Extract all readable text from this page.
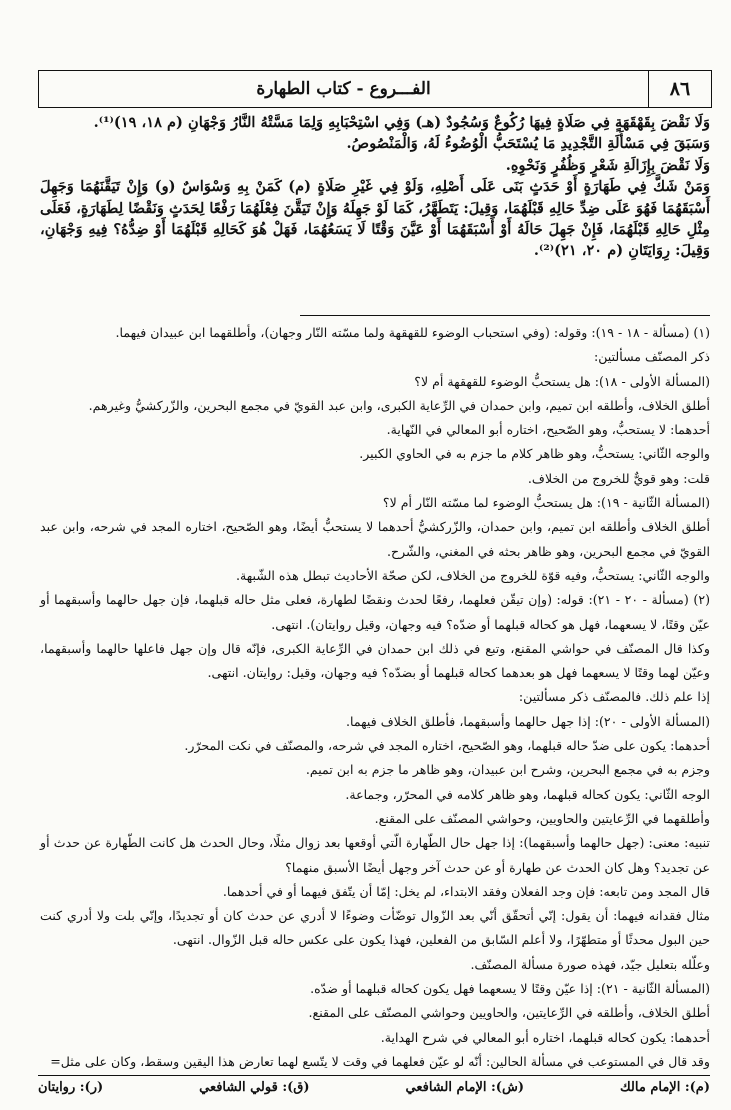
٨٦
الفـــروع - كتاب الطهارة

وَلَا نَقْضَ بِقَهْقَهَةٍ فِي صَلَاةٍ فِيهَا رُكُوعٌ وَسُجُودٌ (هـ) وَفِي اسْتِحْبَابِهِ وَلِمَا مَسَّتْهُ النَّارُ وَجْهَانِ (م ١٨، ١٩)⁽¹⁾.

وَسَبَقَ فِي مَسْأَلَةِ التَّجْدِيدِ مَا يُسْتَحَبُّ الْوُضُوءُ لَهُ، وَالْمَنْصُوصُ.

وَلَا نَقْضَ بِإِزَالَةِ شَعْرٍ وَظُفُرٍ وَنَحْوِهِ.

وَمَنْ شَكَّ فِي طَهَارَةٍ أَوْ حَدَثٍ بَنَى عَلَى أَصْلِهِ، وَلَوْ فِي غَيْرِ صَلَاةٍ (م) كَمَنْ بِهِ وَسْوَاسٌ (و) وَإِنْ تَيَقَّنَهُمَا وَجَهِلَ أَسْبَقَهُمَا فَهُوَ عَلَى ضِدِّ حَالِهِ قَبْلَهُمَا، وَقِيلَ: يَتَطَهَّرُ، كَمَا لَوْ جَهِلَهُ وَإِنْ تَيَقَّنَ فِعْلَهُمَا رَفْعًا لِحَدَثٍ وَنَقْضًا لِطَهَارَةٍ، فَعَلَى مِثْلِ حَالِهِ قَبْلَهُمَا، فَإِنْ جَهِلَ حَالَهُ أَوْ أَسْبَقَهُمَا أَوْ عَيَّنَ وَقْتًا لَا يَسَعُهُمَا، فَهَلْ هُوَ كَحَالِهِ قَبْلَهُمَا أَوْ ضِدُّهُ؟ فِيهِ وَجْهَانِ، وَقِيلَ: رِوَايَتَانِ (م ٢٠، ٢١)⁽²⁾.

(١) (مسألة - ١٨ - ١٩): وقوله: (وفي استحباب الوضوء للقهقهة ولما مسّته النّار وجهان)، وأطلقهما ابن عبيدان فيهما.

ذكر المصنّف مسألتين:

(المسألة الأولى - ١٨): هل يستحبُّ الوضوء للقهقهة أم لا؟

أطلق الخلاف، وأطلقه ابن تميم، وابن حمدان في الرِّعاية الكبرى، وابن عبد القويّ في مجمع البحرين، والزّركشيُّ وغيرهم.

أحدهما: لا يستحبُّ، وهو الصّحيح، اختاره أبو المعالي في النّهاية.

والوجه الثّاني: يستحبُّ، وهو ظاهر كلام ما جزم به في الحاوي الكبير.

قلت: وهو قويٌّ للخروج من الخلاف.

(المسألة الثّانية - ١٩): هل يستحبُّ الوضوء لما مسّته النّار أم لا؟

أطلق الخلاف وأطلقه ابن تميم، وابن حمدان، والزّركشيُّ أحدهما لا يستحبُّ أيضًا، وهو الصّحيح، اختاره المجد في شرحه، وابن عبد القويّ في مجمع البحرين، وهو ظاهر بحثه في المغني، والشّرح.

والوجه الثّاني: يستحبُّ، وفيه قوّة للخروج من الخلاف، لكن صحّة الأحاديث تبطل هذه الشّبهة.

(٢) (مسألة - ٢٠ - ٢١): قوله: (وإن تيقّن فعلهما، رفعًا لحدث ونقضًا لطهارة، فعلى مثل حاله قبلهما، فإن جهل حالهما وأسبقهما أو عيّن وقتًا، لا يسعهما، فهل هو كحاله قبلهما أو ضدّه؟ فيه وجهان، وقيل روايتان). انتهى.

وكذا قال المصنّف في حواشي المقنع، وتبع في ذلك ابن حمدان في الرِّعاية الكبرى، فإنّه قال وإن جهل فاعلها حالهما وأسبقهما، وعيّن لهما وقتًا لا يسعهما فهل هو بعدهما كحاله قبلهما أو بضدّه؟ فيه وجهان، وقيل: روايتان. انتهى.

إذا علم ذلك. فالمصنّف ذكر مسألتين:

(المسألة الأولى - ٢٠): إذا جهل حالهما وأسبقهما، فأطلق الخلاف فيهما.

أحدهما: يكون على ضدّ حاله قبلهما، وهو الصّحيح، اختاره المجد في شرحه، والمصنّف في نكت المحرّر.

وجزم به في مجمع البحرين، وشرح ابن عبيدان، وهو ظاهر ما جزم به ابن تميم.

الوجه الثّاني: يكون كحاله قبلهما، وهو ظاهر كلامه في المحرّر، وجماعة.

وأطلقهما في الرِّعايتين والحاويين، وحواشي المصنّف على المقنع.

تنبيه: معنى: (جهل حالهما وأسبقهما): إذا جهل حال الطّهارة الّتي أوقعها بعد زوال مثلًا، وحال الحدث هل كانت الطّهارة عن حدث أو عن تجديد؟ وهل كان الحدث عن طهارة أو عن حدث آخر وجهل أيضًا الأسبق منهما؟

قال المجد ومن تابعه: فإن وجد الفعلان وفقد الابتداء، لم يخل: إمّا أن يتّفق فيهما أو في أحدهما.

مثال فقدانه فيهما: أن يقول: إنّي أتحقّق أنّي بعد الزّوال توضّأت وضوءًا لا أدري عن حدث كان أو تجديدًا، وإنّي بلت ولا أدري كنت حين البول محدثًا أو متطهّرًا، ولا أعلم السّابق من الفعلين، فهذا يكون على عكس حاله قبل الزّوال. انتهى.

وعلّله بتعليل جيّد، فهذه صورة مسألة المصنّف.

(المسألة الثّانية - ٢١): إذا عيّن وقتًا لا يسعهما فهل يكون كحاله قبلهما أو ضدّه.

أطلق الخلاف، وأطلقه في الرِّعايتين، والحاويين وحواشي المصنّف على المقنع.

أحدهما: يكون كحاله قبلهما، اختاره أبو المعالي في شرح الهداية.

وقد قال في المستوعب في مسألة الحالين: أنّه لو عيّن فعلهما في وقت لا يتّسع لهما تعارض هذا اليقين وسقط، وكان على مثل=

(م): الإمام مالك
(ش): الإمام الشافعي
(ق): قولي الشافعي
(ر): روايتان
